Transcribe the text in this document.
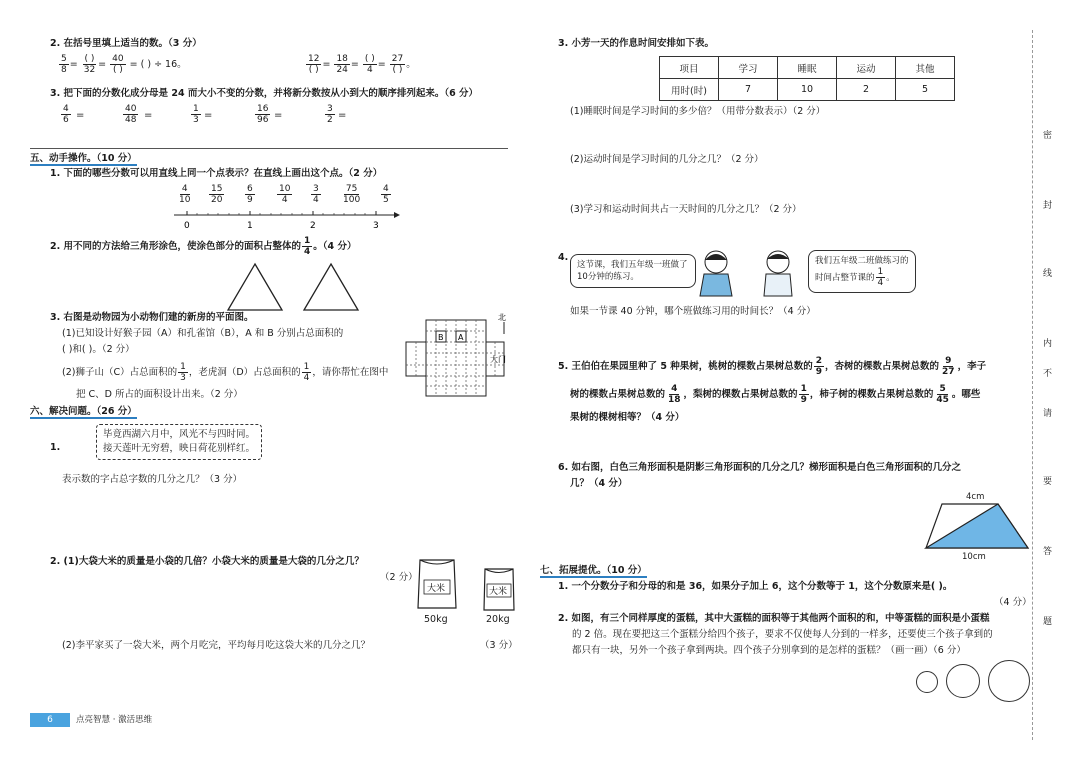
2. 在括号里填上适当的数。（3 分）
$\frac{5}{8} = \frac{( )}{32} = \frac{40}{( )}$ = ( ) ÷ 16。	$\frac{12}{( )} = \frac{18}{24} = \frac{( )}{4} = \frac{27}{( )}$ 。
3. 把下面的分数化成分母是 24 而大小不变的分数，并将新分数按从小到大的顺序排列起来。（6 分）
$\frac{4}{6}$ =	$\frac{40}{48}$ =	$\frac{1}{3}$ =	$\frac{16}{96}$ =	$\frac{3}{2}$ =
五、动手操作。（10 分）
1. 下面的哪些分数可以用直线上同一个点表示？在直线上画出这个点。（2 分）
$\frac{4}{10} \frac{15}{20} \frac{6}{9} \frac{10}{4} \frac{3}{4} \frac{75}{100} \frac{4}{5}$
0	1	2	3
2. 用不同的方法给三角形涂色，使涂色部分的面积占整体的 $\frac{1}{4}$ 。（4 分）
3. 右图是动物园为小动物们建的新房的平面图。
(1)已知设计好猴子园（A）和孔雀馆（B），A 和 B 分别占总面积的
( )和( )。（2 分）
(2)狮子山（C）占总面积的 $\frac{1}{3}$ ，老虎洞（D）占总面积的 $\frac{1}{4}$ ，请你帮忙在图中
把 C、D 所占的面积设计出来。（2 分）
B A
北
大门
六、解决问题。（26 分）
1.
毕竟西湖六月中，风光不与四时同。
接天莲叶无穷碧，映日荷花别样红。
表示数的字占总字数的几分之几？（3 分）
2. (1)大袋大米的质量是小袋的几倍？小袋大米的质量是大袋的几分之几？
（2 分）
大米
50kg
大米
20kg
(2)李平家买了一袋大米，两个月吃完，平均每月吃这袋大米的几分之几？	（3 分）
6	点亮智慧 · 激活思维
3. 小芳一天的作息时间安排如下表。
项目	学习	睡眠	运动	其他
用时(时)	7	10	2	5
(1)睡眠时间是学习时间的多少倍？（用带分数表示）（2 分）
(2)运动时间是学习时间的几分之几？（2 分）
(3)学习和运动时间共占一天时间的几分之几？（2 分）
4.
这节课，我们五年级一班做了10分钟的练习。
我们五年级二班做练习的时间占整节课的 $\frac{1}{4}$ 。
如果一节课 40 分钟，哪个班做练习用的时间长？（4 分）
5. 王伯伯在果园里种了 5 种果树，桃树的棵数占果树总数的 $\frac{2}{9}$ ，杏树的棵数占果树总数的 $\frac{9}{27}$ ，李子
树的棵数占果树总数的 $\frac{4}{18}$ ，梨树的棵数占果树总数的 $\frac{1}{9}$ ，柿子树的棵数占果树总数的 $\frac{5}{45}$ 。哪些
果树的棵树相等？（4 分）
6. 如右图，白色三角形面积是阴影三角形面积的几分之几？梯形面积是白色三角形面积的几分之
几？（4 分）
4cm
10cm
七、拓展提优。（10 分）
1. 一个分数分子和分母的和是 36，如果分子加上 6，这个分数等于 1，这个分数原来是( )。
（4 分）
2. 如图，有三个同样厚度的蛋糕，其中大蛋糕的面积等于其他两个面积的和，中等蛋糕的面积是小蛋糕
的 2 倍。现在要把这三个蛋糕分给四个孩子，要求不仅使每人分到的一样多，还要使三个孩子拿到的
都只有一块，另外一个孩子拿到两块。四个孩子分别拿到的是怎样的蛋糕？（画一画）（6 分）
密
封
线
内
不
请
要
答
题
